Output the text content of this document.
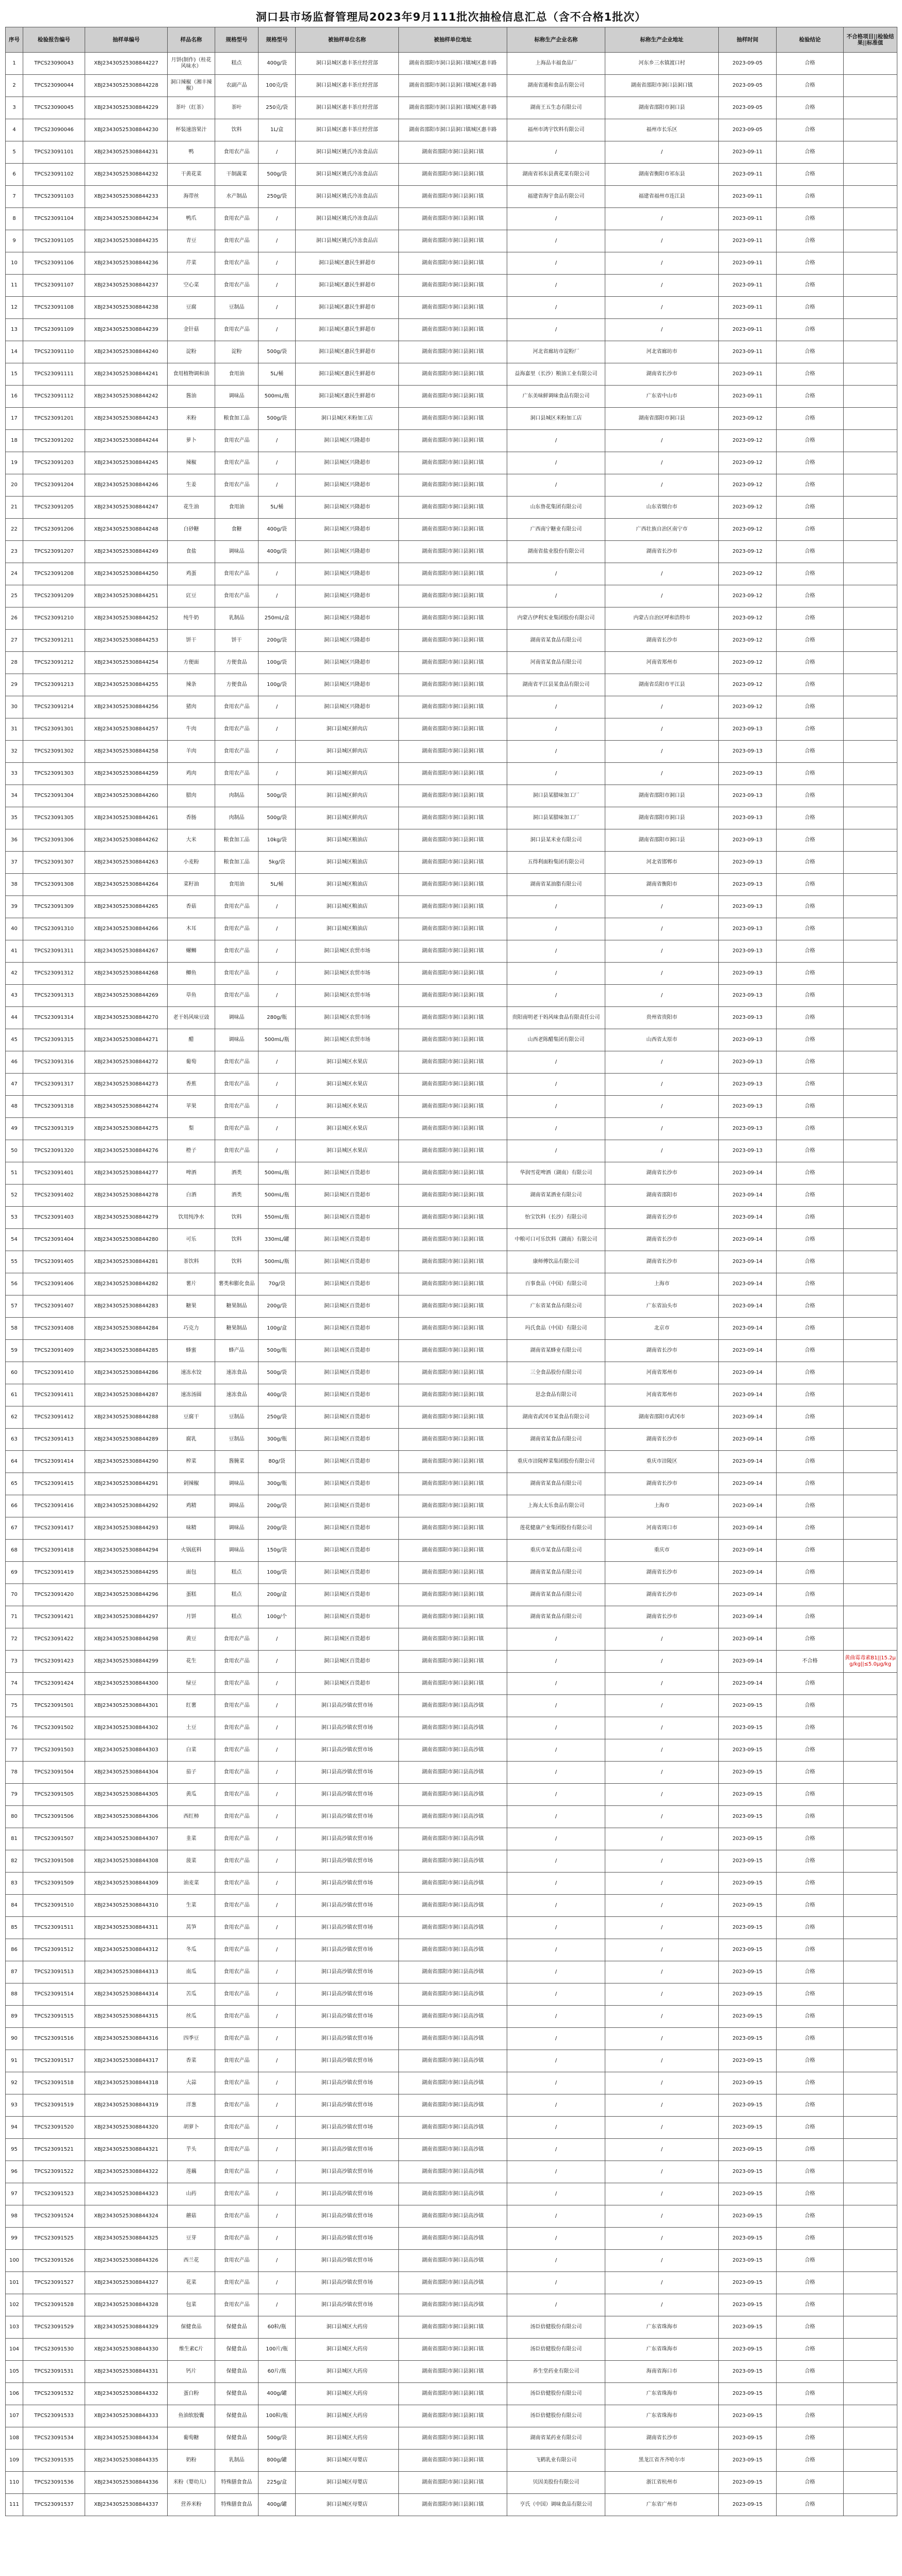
洞口县市场监督管理局2023年9月111批次抽检信息汇总（含不合格1批次）
序号	检验报告编号	抽样单编号	样品名称	规格型号	规格型号	被抽样单位名称	被抽样单位地址	标称生产企业名称	标称生产企业地址	抽样时间	检验结论	不合格项目||检验结果||标准值
1	TPCS23090043	XBJ23430525308844227	月饼(制作)（桂花风味水）	糕点	400g/袋	洞口县城区惠丰茶庄经营部	湖南省邵阳市洞口县洞口镇城区惠丰路	上海品丰福食品厂	河东乡三水镇渡口村	2023-09-05	合格	
2	TPCS23090044	XBJ23430525308844228	洞口辣椒（湘丰辣椒）	农副产品	100克/袋	洞口县城区惠丰茶庄经营部	湖南省邵阳市洞口县洞口镇城区惠丰路	湖南省通和食品有限公司	湖南省邵阳市洞口县洞口镇	2023-09-05	合格	
3	TPCS23090045	XBJ23430525308844229	茶叶（红茶）	茶叶	250克/袋	洞口县城区惠丰茶庄经营部	湖南省邵阳市洞口县洞口镇城区惠丰路	湖南王五生态有限公司	湖南省邵阳市洞口县	2023-09-05	合格	
4	TPCS23090046	XBJ23430525308844230	杯装速溶果汁	饮料	1L/盒	洞口县城区惠丰茶庄经营部	湖南省邵阳市洞口县洞口镇城区惠丰路	福州市鸿宇饮料有限公司	福州市长乐区	2023-09-05	合格	
5	TPCS23091101	XBJ23430525308844231	鸭	食用农产品	/	洞口县城区姚氏冷冻食品店	湖南省邵阳市洞口县洞口镇	/	/	2023-09-11	合格	
6	TPCS23091102	XBJ23430525308844232	干黄花菜	干制蔬菜	500g/袋	洞口县城区姚氏冷冻食品店	湖南省邵阳市洞口县洞口镇	湖南省祁东县黄花菜有限公司	湖南省衡阳市祁东县	2023-09-11	合格	
7	TPCS23091103	XBJ23430525308844233	海带丝	水产制品	250g/袋	洞口县城区姚氏冷冻食品店	湖南省邵阳市洞口县洞口镇	福建省海宇食品有限公司	福建省福州市连江县	2023-09-11	合格	
8	TPCS23091104	XBJ23430525308844234	鸭爪	食用农产品	/	洞口县城区姚氏冷冻食品店	湖南省邵阳市洞口县洞口镇	/	/	2023-09-11	合格	
9	TPCS23091105	XBJ23430525308844235	青豆	食用农产品	/	洞口县城区姚氏冷冻食品店	湖南省邵阳市洞口县洞口镇	/	/	2023-09-11	合格	
10	TPCS23091106	XBJ23430525308844236	芹菜	食用农产品	/	洞口县城区惠民生鲜超市	湖南省邵阳市洞口县洞口镇	/	/	2023-09-11	合格	
11	TPCS23091107	XBJ23430525308844237	空心菜	食用农产品	/	洞口县城区惠民生鲜超市	湖南省邵阳市洞口县洞口镇	/	/	2023-09-11	合格	
12	TPCS23091108	XBJ23430525308844238	豆腐	豆制品	/	洞口县城区惠民生鲜超市	湖南省邵阳市洞口县洞口镇	/	/	2023-09-11	合格	
13	TPCS23091109	XBJ23430525308844239	金针菇	食用农产品	/	洞口县城区惠民生鲜超市	湖南省邵阳市洞口县洞口镇	/	/	2023-09-11	合格	
14	TPCS23091110	XBJ23430525308844240	淀粉	淀粉	500g/袋	洞口县城区惠民生鲜超市	湖南省邵阳市洞口县洞口镇	河北省廊坊市淀粉厂	河北省廊坊市	2023-09-11	合格	
15	TPCS23091111	XBJ23430525308844241	食用植物调和油	食用油	5L/桶	洞口县城区惠民生鲜超市	湖南省邵阳市洞口县洞口镇	益海嘉里（长沙）粮油工业有限公司	湖南省长沙市	2023-09-11	合格	
16	TPCS23091112	XBJ23430525308844242	酱油	调味品	500mL/瓶	洞口县城区惠民生鲜超市	湖南省邵阳市洞口县洞口镇	广东美味鲜调味食品有限公司	广东省中山市	2023-09-11	合格	
17	TPCS23091201	XBJ23430525308844243	米粉	粮食加工品	500g/袋	洞口县城区米粉加工店	湖南省邵阳市洞口县洞口镇	洞口县城区米粉加工店	湖南省邵阳市洞口县	2023-09-12	合格	
18	TPCS23091202	XBJ23430525308844244	萝卜	食用农产品	/	洞口县城区兴隆超市	湖南省邵阳市洞口县洞口镇	/	/	2023-09-12	合格	
19	TPCS23091203	XBJ23430525308844245	辣椒	食用农产品	/	洞口县城区兴隆超市	湖南省邵阳市洞口县洞口镇	/	/	2023-09-12	合格	
20	TPCS23091204	XBJ23430525308844246	生姜	食用农产品	/	洞口县城区兴隆超市	湖南省邵阳市洞口县洞口镇	/	/	2023-09-12	合格	
21	TPCS23091205	XBJ23430525308844247	花生油	食用油	5L/桶	洞口县城区兴隆超市	湖南省邵阳市洞口县洞口镇	山东鲁花集团有限公司	山东省烟台市	2023-09-12	合格	
22	TPCS23091206	XBJ23430525308844248	白砂糖	食糖	400g/袋	洞口县城区兴隆超市	湖南省邵阳市洞口县洞口镇	广西南宁糖业有限公司	广西壮族自治区南宁市	2023-09-12	合格	
23	TPCS23091207	XBJ23430525308844249	食盐	调味品	400g/袋	洞口县城区兴隆超市	湖南省邵阳市洞口县洞口镇	湖南省盐业股份有限公司	湖南省长沙市	2023-09-12	合格	
24	TPCS23091208	XBJ23430525308844250	鸡蛋	食用农产品	/	洞口县城区兴隆超市	湖南省邵阳市洞口县洞口镇	/	/	2023-09-12	合格	
25	TPCS23091209	XBJ23430525308844251	豇豆	食用农产品	/	洞口县城区兴隆超市	湖南省邵阳市洞口县洞口镇	/	/	2023-09-12	合格	
26	TPCS23091210	XBJ23430525308844252	纯牛奶	乳制品	250mL/盒	洞口县城区兴隆超市	湖南省邵阳市洞口县洞口镇	内蒙古伊利实业集团股份有限公司	内蒙古自治区呼和浩特市	2023-09-12	合格	
27	TPCS23091211	XBJ23430525308844253	饼干	饼干	200g/袋	洞口县城区兴隆超市	湖南省邵阳市洞口县洞口镇	湖南省某食品有限公司	湖南省长沙市	2023-09-12	合格	
28	TPCS23091212	XBJ23430525308844254	方便面	方便食品	100g/袋	洞口县城区兴隆超市	湖南省邵阳市洞口县洞口镇	河南省某食品有限公司	河南省郑州市	2023-09-12	合格	
29	TPCS23091213	XBJ23430525308844255	辣条	方便食品	100g/袋	洞口县城区兴隆超市	湖南省邵阳市洞口县洞口镇	湖南省平江县某食品有限公司	湖南省岳阳市平江县	2023-09-12	合格	
30	TPCS23091214	XBJ23430525308844256	猪肉	食用农产品	/	洞口县城区兴隆超市	湖南省邵阳市洞口县洞口镇	/	/	2023-09-12	合格	
31	TPCS23091301	XBJ23430525308844257	牛肉	食用农产品	/	洞口县城区鲜肉店	湖南省邵阳市洞口县洞口镇	/	/	2023-09-13	合格	
32	TPCS23091302	XBJ23430525308844258	羊肉	食用农产品	/	洞口县城区鲜肉店	湖南省邵阳市洞口县洞口镇	/	/	2023-09-13	合格	
33	TPCS23091303	XBJ23430525308844259	鸡肉	食用农产品	/	洞口县城区鲜肉店	湖南省邵阳市洞口县洞口镇	/	/	2023-09-13	合格	
34	TPCS23091304	XBJ23430525308844260	腊肉	肉制品	500g/袋	洞口县城区鲜肉店	湖南省邵阳市洞口县洞口镇	洞口县某腊味加工厂	湖南省邵阳市洞口县	2023-09-13	合格	
35	TPCS23091305	XBJ23430525308844261	香肠	肉制品	500g/袋	洞口县城区鲜肉店	湖南省邵阳市洞口县洞口镇	洞口县某腊味加工厂	湖南省邵阳市洞口县	2023-09-13	合格	
36	TPCS23091306	XBJ23430525308844262	大米	粮食加工品	10kg/袋	洞口县城区粮油店	湖南省邵阳市洞口县洞口镇	洞口县某米业有限公司	湖南省邵阳市洞口县	2023-09-13	合格	
37	TPCS23091307	XBJ23430525308844263	小麦粉	粮食加工品	5kg/袋	洞口县城区粮油店	湖南省邵阳市洞口县洞口镇	五得利面粉集团有限公司	河北省邯郸市	2023-09-13	合格	
38	TPCS23091308	XBJ23430525308844264	菜籽油	食用油	5L/桶	洞口县城区粮油店	湖南省邵阳市洞口县洞口镇	湖南省某油脂有限公司	湖南省衡阳市	2023-09-13	合格	
39	TPCS23091309	XBJ23430525308844265	香菇	食用农产品	/	洞口县城区粮油店	湖南省邵阳市洞口县洞口镇	/	/	2023-09-13	合格	
40	TPCS23091310	XBJ23430525308844266	木耳	食用农产品	/	洞口县城区粮油店	湖南省邵阳市洞口县洞口镇	/	/	2023-09-13	合格	
41	TPCS23091311	XBJ23430525308844267	螺蛳	食用农产品	/	洞口县城区农贸市场	湖南省邵阳市洞口县洞口镇	/	/	2023-09-13	合格	
42	TPCS23091312	XBJ23430525308844268	鲫鱼	食用农产品	/	洞口县城区农贸市场	湖南省邵阳市洞口县洞口镇	/	/	2023-09-13	合格	
43	TPCS23091313	XBJ23430525308844269	草鱼	食用农产品	/	洞口县城区农贸市场	湖南省邵阳市洞口县洞口镇	/	/	2023-09-13	合格	
44	TPCS23091314	XBJ23430525308844270	老干妈风味豆豉	调味品	280g/瓶	洞口县城区农贸市场	湖南省邵阳市洞口县洞口镇	贵阳南明老干妈风味食品有限责任公司	贵州省贵阳市	2023-09-13	合格	
45	TPCS23091315	XBJ23430525308844271	醋	调味品	500mL/瓶	洞口县城区农贸市场	湖南省邵阳市洞口县洞口镇	山西老陈醋集团有限公司	山西省太原市	2023-09-13	合格	
46	TPCS23091316	XBJ23430525308844272	葡萄	食用农产品	/	洞口县城区水果店	湖南省邵阳市洞口县洞口镇	/	/	2023-09-13	合格	
47	TPCS23091317	XBJ23430525308844273	香蕉	食用农产品	/	洞口县城区水果店	湖南省邵阳市洞口县洞口镇	/	/	2023-09-13	合格	
48	TPCS23091318	XBJ23430525308844274	苹果	食用农产品	/	洞口县城区水果店	湖南省邵阳市洞口县洞口镇	/	/	2023-09-13	合格	
49	TPCS23091319	XBJ23430525308844275	梨	食用农产品	/	洞口县城区水果店	湖南省邵阳市洞口县洞口镇	/	/	2023-09-13	合格	
50	TPCS23091320	XBJ23430525308844276	橙子	食用农产品	/	洞口县城区水果店	湖南省邵阳市洞口县洞口镇	/	/	2023-09-13	合格	
51	TPCS23091401	XBJ23430525308844277	啤酒	酒类	500mL/瓶	洞口县城区百货超市	湖南省邵阳市洞口县洞口镇	华润雪花啤酒（湖南）有限公司	湖南省长沙市	2023-09-14	合格	
52	TPCS23091402	XBJ23430525308844278	白酒	酒类	500mL/瓶	洞口县城区百货超市	湖南省邵阳市洞口县洞口镇	湖南省某酒业有限公司	湖南省邵阳市	2023-09-14	合格	
53	TPCS23091403	XBJ23430525308844279	饮用纯净水	饮料	550mL/瓶	洞口县城区百货超市	湖南省邵阳市洞口县洞口镇	怡宝饮料（长沙）有限公司	湖南省长沙市	2023-09-14	合格	
54	TPCS23091404	XBJ23430525308844280	可乐	饮料	330mL/罐	洞口县城区百货超市	湖南省邵阳市洞口县洞口镇	中粮可口可乐饮料（湖南）有限公司	湖南省长沙市	2023-09-14	合格	
55	TPCS23091405	XBJ23430525308844281	茶饮料	饮料	500mL/瓶	洞口县城区百货超市	湖南省邵阳市洞口县洞口镇	康师傅饮品有限公司	湖南省长沙市	2023-09-14	合格	
56	TPCS23091406	XBJ23430525308844282	薯片	薯类和膨化食品	70g/袋	洞口县城区百货超市	湖南省邵阳市洞口县洞口镇	百事食品（中国）有限公司	上海市	2023-09-14	合格	
57	TPCS23091407	XBJ23430525308844283	糖果	糖果制品	200g/袋	洞口县城区百货超市	湖南省邵阳市洞口县洞口镇	广东省某食品有限公司	广东省汕头市	2023-09-14	合格	
58	TPCS23091408	XBJ23430525308844284	巧克力	糖果制品	100g/盒	洞口县城区百货超市	湖南省邵阳市洞口县洞口镇	玛氏食品（中国）有限公司	北京市	2023-09-14	合格	
59	TPCS23091409	XBJ23430525308844285	蜂蜜	蜂产品	500g/瓶	洞口县城区百货超市	湖南省邵阳市洞口县洞口镇	湖南省某蜂业有限公司	湖南省长沙市	2023-09-14	合格	
60	TPCS23091410	XBJ23430525308844286	速冻水饺	速冻食品	500g/袋	洞口县城区百货超市	湖南省邵阳市洞口县洞口镇	三全食品股份有限公司	河南省郑州市	2023-09-14	合格	
61	TPCS23091411	XBJ23430525308844287	速冻汤圆	速冻食品	400g/袋	洞口县城区百货超市	湖南省邵阳市洞口县洞口镇	思念食品有限公司	河南省郑州市	2023-09-14	合格	
62	TPCS23091412	XBJ23430525308844288	豆腐干	豆制品	250g/袋	洞口县城区百货超市	湖南省邵阳市洞口县洞口镇	湖南省武冈市某食品有限公司	湖南省邵阳市武冈市	2023-09-14	合格	
63	TPCS23091413	XBJ23430525308844289	腐乳	豆制品	300g/瓶	洞口县城区百货超市	湖南省邵阳市洞口县洞口镇	湖南省某食品有限公司	湖南省长沙市	2023-09-14	合格	
64	TPCS23091414	XBJ23430525308844290	榨菜	酱腌菜	80g/袋	洞口县城区百货超市	湖南省邵阳市洞口县洞口镇	重庆市涪陵榨菜集团股份有限公司	重庆市涪陵区	2023-09-14	合格	
65	TPCS23091415	XBJ23430525308844291	剁辣椒	调味品	300g/瓶	洞口县城区百货超市	湖南省邵阳市洞口县洞口镇	湖南省某食品有限公司	湖南省长沙市	2023-09-14	合格	
66	TPCS23091416	XBJ23430525308844292	鸡精	调味品	200g/袋	洞口县城区百货超市	湖南省邵阳市洞口县洞口镇	上海太太乐食品有限公司	上海市	2023-09-14	合格	
67	TPCS23091417	XBJ23430525308844293	味精	调味品	200g/袋	洞口县城区百货超市	湖南省邵阳市洞口县洞口镇	莲花健康产业集团股份有限公司	河南省周口市	2023-09-14	合格	
68	TPCS23091418	XBJ23430525308844294	火锅底料	调味品	150g/袋	洞口县城区百货超市	湖南省邵阳市洞口县洞口镇	重庆市某食品有限公司	重庆市	2023-09-14	合格	
69	TPCS23091419	XBJ23430525308844295	面包	糕点	100g/袋	洞口县城区百货超市	湖南省邵阳市洞口县洞口镇	湖南省某食品有限公司	湖南省长沙市	2023-09-14	合格	
70	TPCS23091420	XBJ23430525308844296	蛋糕	糕点	200g/盒	洞口县城区百货超市	湖南省邵阳市洞口县洞口镇	湖南省某食品有限公司	湖南省长沙市	2023-09-14	合格	
71	TPCS23091421	XBJ23430525308844297	月饼	糕点	100g/个	洞口县城区百货超市	湖南省邵阳市洞口县洞口镇	湖南省某食品有限公司	湖南省长沙市	2023-09-14	合格	
72	TPCS23091422	XBJ23430525308844298	黄豆	食用农产品	/	洞口县城区百货超市	湖南省邵阳市洞口县洞口镇	/	/	2023-09-14	合格	
73	TPCS23091423	XBJ23430525308844299	花生	食用农产品	/	洞口县城区百货超市	湖南省邵阳市洞口县洞口镇	/	/	2023-09-14	不合格	黄曲霉毒素B1||15.2μg/kg||≤5.0μg/kg
74	TPCS23091424	XBJ23430525308844300	绿豆	食用农产品	/	洞口县城区百货超市	湖南省邵阳市洞口县洞口镇	/	/	2023-09-14	合格	
75	TPCS23091501	XBJ23430525308844301	红薯	食用农产品	/	洞口县高沙镇农贸市场	湖南省邵阳市洞口县高沙镇	/	/	2023-09-15	合格	
76	TPCS23091502	XBJ23430525308844302	土豆	食用农产品	/	洞口县高沙镇农贸市场	湖南省邵阳市洞口县高沙镇	/	/	2023-09-15	合格	
77	TPCS23091503	XBJ23430525308844303	白菜	食用农产品	/	洞口县高沙镇农贸市场	湖南省邵阳市洞口县高沙镇	/	/	2023-09-15	合格	
78	TPCS23091504	XBJ23430525308844304	茄子	食用农产品	/	洞口县高沙镇农贸市场	湖南省邵阳市洞口县高沙镇	/	/	2023-09-15	合格	
79	TPCS23091505	XBJ23430525308844305	黄瓜	食用农产品	/	洞口县高沙镇农贸市场	湖南省邵阳市洞口县高沙镇	/	/	2023-09-15	合格	
80	TPCS23091506	XBJ23430525308844306	西红柿	食用农产品	/	洞口县高沙镇农贸市场	湖南省邵阳市洞口县高沙镇	/	/	2023-09-15	合格	
81	TPCS23091507	XBJ23430525308844307	韭菜	食用农产品	/	洞口县高沙镇农贸市场	湖南省邵阳市洞口县高沙镇	/	/	2023-09-15	合格	
82	TPCS23091508	XBJ23430525308844308	菠菜	食用农产品	/	洞口县高沙镇农贸市场	湖南省邵阳市洞口县高沙镇	/	/	2023-09-15	合格	
83	TPCS23091509	XBJ23430525308844309	油麦菜	食用农产品	/	洞口县高沙镇农贸市场	湖南省邵阳市洞口县高沙镇	/	/	2023-09-15	合格	
84	TPCS23091510	XBJ23430525308844310	生菜	食用农产品	/	洞口县高沙镇农贸市场	湖南省邵阳市洞口县高沙镇	/	/	2023-09-15	合格	
85	TPCS23091511	XBJ23430525308844311	莴笋	食用农产品	/	洞口县高沙镇农贸市场	湖南省邵阳市洞口县高沙镇	/	/	2023-09-15	合格	
86	TPCS23091512	XBJ23430525308844312	冬瓜	食用农产品	/	洞口县高沙镇农贸市场	湖南省邵阳市洞口县高沙镇	/	/	2023-09-15	合格	
87	TPCS23091513	XBJ23430525308844313	南瓜	食用农产品	/	洞口县高沙镇农贸市场	湖南省邵阳市洞口县高沙镇	/	/	2023-09-15	合格	
88	TPCS23091514	XBJ23430525308844314	苦瓜	食用农产品	/	洞口县高沙镇农贸市场	湖南省邵阳市洞口县高沙镇	/	/	2023-09-15	合格	
89	TPCS23091515	XBJ23430525308844315	丝瓜	食用农产品	/	洞口县高沙镇农贸市场	湖南省邵阳市洞口县高沙镇	/	/	2023-09-15	合格	
90	TPCS23091516	XBJ23430525308844316	四季豆	食用农产品	/	洞口县高沙镇农贸市场	湖南省邵阳市洞口县高沙镇	/	/	2023-09-15	合格	
91	TPCS23091517	XBJ23430525308844317	香菜	食用农产品	/	洞口县高沙镇农贸市场	湖南省邵阳市洞口县高沙镇	/	/	2023-09-15	合格	
92	TPCS23091518	XBJ23430525308844318	大蒜	食用农产品	/	洞口县高沙镇农贸市场	湖南省邵阳市洞口县高沙镇	/	/	2023-09-15	合格	
93	TPCS23091519	XBJ23430525308844319	洋葱	食用农产品	/	洞口县高沙镇农贸市场	湖南省邵阳市洞口县高沙镇	/	/	2023-09-15	合格	
94	TPCS23091520	XBJ23430525308844320	胡萝卜	食用农产品	/	洞口县高沙镇农贸市场	湖南省邵阳市洞口县高沙镇	/	/	2023-09-15	合格	
95	TPCS23091521	XBJ23430525308844321	芋头	食用农产品	/	洞口县高沙镇农贸市场	湖南省邵阳市洞口县高沙镇	/	/	2023-09-15	合格	
96	TPCS23091522	XBJ23430525308844322	莲藕	食用农产品	/	洞口县高沙镇农贸市场	湖南省邵阳市洞口县高沙镇	/	/	2023-09-15	合格	
97	TPCS23091523	XBJ23430525308844323	山药	食用农产品	/	洞口县高沙镇农贸市场	湖南省邵阳市洞口县高沙镇	/	/	2023-09-15	合格	
98	TPCS23091524	XBJ23430525308844324	蘑菇	食用农产品	/	洞口县高沙镇农贸市场	湖南省邵阳市洞口县高沙镇	/	/	2023-09-15	合格	
99	TPCS23091525	XBJ23430525308844325	豆芽	食用农产品	/	洞口县高沙镇农贸市场	湖南省邵阳市洞口县高沙镇	/	/	2023-09-15	合格	
100	TPCS23091526	XBJ23430525308844326	西兰花	食用农产品	/	洞口县高沙镇农贸市场	湖南省邵阳市洞口县高沙镇	/	/	2023-09-15	合格	
101	TPCS23091527	XBJ23430525308844327	花菜	食用农产品	/	洞口县高沙镇农贸市场	湖南省邵阳市洞口县高沙镇	/	/	2023-09-15	合格	
102	TPCS23091528	XBJ23430525308844328	包菜	食用农产品	/	洞口县高沙镇农贸市场	湖南省邵阳市洞口县高沙镇	/	/	2023-09-15	合格	
103	TPCS23091529	XBJ23430525308844329	保健食品	保健食品	60粒/瓶	洞口县城区大药房	湖南省邵阳市洞口县洞口镇	汤臣倍健股份有限公司	广东省珠海市	2023-09-15	合格	
104	TPCS23091530	XBJ23430525308844330	维生素C片	保健食品	100片/瓶	洞口县城区大药房	湖南省邵阳市洞口县洞口镇	汤臣倍健股份有限公司	广东省珠海市	2023-09-15	合格	
105	TPCS23091531	XBJ23430525308844331	钙片	保健食品	60片/瓶	洞口县城区大药房	湖南省邵阳市洞口县洞口镇	养生堂药业有限公司	海南省海口市	2023-09-15	合格	
106	TPCS23091532	XBJ23430525308844332	蛋白粉	保健食品	400g/罐	洞口县城区大药房	湖南省邵阳市洞口县洞口镇	汤臣倍健股份有限公司	广东省珠海市	2023-09-15	合格	
107	TPCS23091533	XBJ23430525308844333	鱼油软胶囊	保健食品	100粒/瓶	洞口县城区大药房	湖南省邵阳市洞口县洞口镇	汤臣倍健股份有限公司	广东省珠海市	2023-09-15	合格	
108	TPCS23091534	XBJ23430525308844334	葡萄糖	保健食品	500g/袋	洞口县城区大药房	湖南省邵阳市洞口县洞口镇	湖南省某药业有限公司	湖南省长沙市	2023-09-15	合格	
109	TPCS23091535	XBJ23430525308844335	奶粉	乳制品	800g/罐	洞口县城区母婴店	湖南省邵阳市洞口县洞口镇	飞鹤乳业有限公司	黑龙江省齐齐哈尔市	2023-09-15	合格	
110	TPCS23091536	XBJ23430525308844336	米粉（婴幼儿）	特殊膳食食品	225g/盒	洞口县城区母婴店	湖南省邵阳市洞口县洞口镇	贝因美股份有限公司	浙江省杭州市	2023-09-15	合格	
111	TPCS23091537	XBJ23430525308844337	营养米粉	特殊膳食食品	400g/罐	洞口县城区母婴店	湖南省邵阳市洞口县洞口镇	亨氏（中国）调味食品有限公司	广东省广州市	2023-09-15	合格	
